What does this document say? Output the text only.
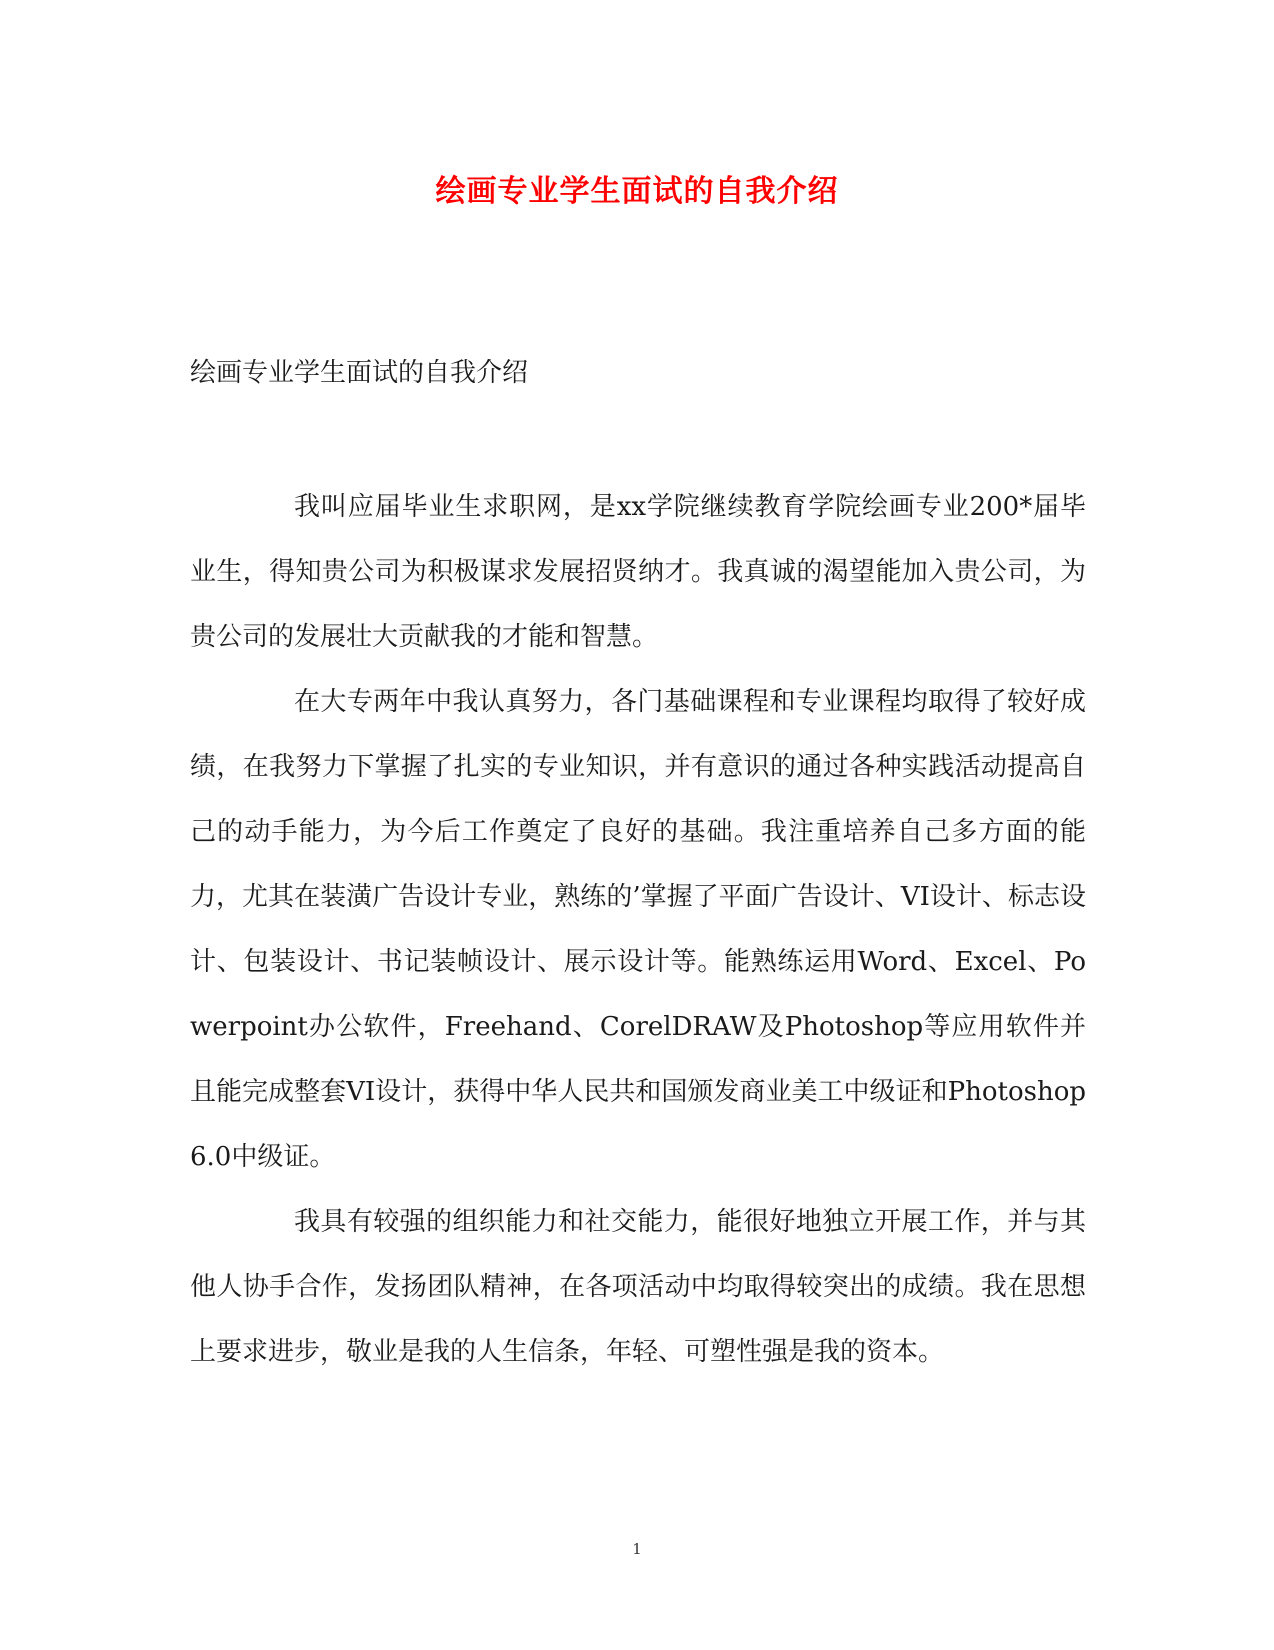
绘画专业学生面试的自我介绍

绘画专业学生面试的自我介绍

我叫应届毕业生求职网，是xx学院继续教育学院绘画专业200*届毕业生，得知贵公司为积极谋求发展招贤纳才。我真诚的渴望能加入贵公司，为贵公司的发展壮大贡献我的才能和智慧。

在大专两年中我认真努力，各门基础课程和专业课程均取得了较好成绩，在我努力下掌握了扎实的专业知识，并有意识的通过各种实践活动提高自己的动手能力，为今后工作奠定了良好的基础。我注重培养自己多方面的能力，尤其在装潢广告设计专业，熟练的’掌握了平面广告设计、VI设计、标志设计、包装设计、书记装帧设计、展示设计等。能熟练运用Word、Excel、Powerpoint办公软件，Freehand、CorelDRAW及Photoshop等应用软件并且能完成整套VI设计，获得中华人民共和国颁发商业美工中级证和Photoshop6.0中级证。

我具有较强的组织能力和社交能力，能很好地独立开展工作，并与其他人协手合作，发扬团队精神，在各项活动中均取得较突出的成绩。我在思想上要求进步，敬业是我的人生信条，年轻、可塑性强是我的资本。

1
